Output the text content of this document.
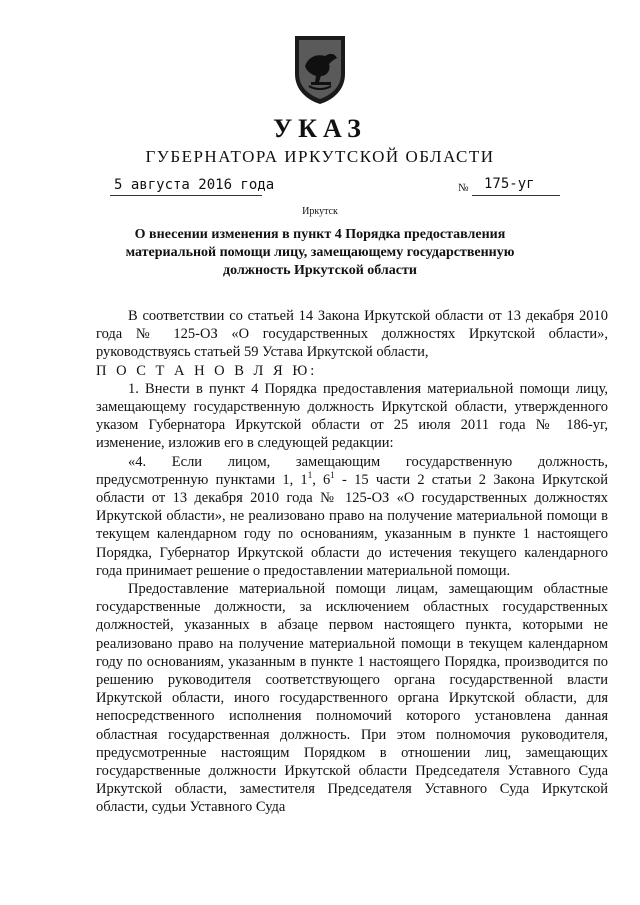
УКАЗ
ГУБЕРНАТОРА ИРКУТСКОЙ ОБЛАСТИ
5 августа 2016 года	№ 175-уг
Иркутск
О внесении изменения в пункт 4 Порядка предоставления
материальной помощи лицу, замещающему государственную
должность Иркутской области

В соответствии со статьей 14 Закона Иркутской области от 13 декабря 2010 года № 125-ОЗ «О государственных должностях Иркутской области», руководствуясь статьей 59 Устава Иркутской области,

П О С Т А Н О В Л Я Ю:

1. Внести в пункт 4 Порядка предоставления материальной помощи лицу, замещающему государственную должность Иркутской области, утвержденного указом Губернатора Иркутской области от 25 июля 2011 года № 186-уг, изменение, изложив его в следующей редакции:

«4. Если лицом, замещающим государственную должность, предусмотренную пунктами 1, $1^1$, $6^1 - 15$ части 2 статьи 2 Закона Иркутской области от 13 декабря 2010 года № 125-ОЗ «О государственных должностях Иркутской области», не реализовано право на получение материальной помощи в текущем календарном году по основаниям, указанным в пункте 1 настоящего Порядка, Губернатор Иркутской области до истечения текущего календарного года принимает решение о предоставлении материальной помощи.

Предоставление материальной помощи лицам, замещающим областные государственные должности, за исключением областных государственных должностей, указанных в абзаце первом настоящего пункта, которыми не реализовано право на получение материальной помощи в текущем календарном году по основаниям, указанным в пункте 1 настоящего Порядка, производится по решению руководителя соответствующего органа государственной власти Иркутской области, иного государственного органа Иркутской области, для непосредственного исполнения полномочий которого установлена данная областная государственная должность. При этом полномочия руководителя, предусмотренные настоящим Порядком в отношении лиц, замещающих государственные должности Иркутской области Председателя Уставного Суда Иркутской области, заместителя Председателя Уставного Суда Иркутской области, судьи Уставного Суда
